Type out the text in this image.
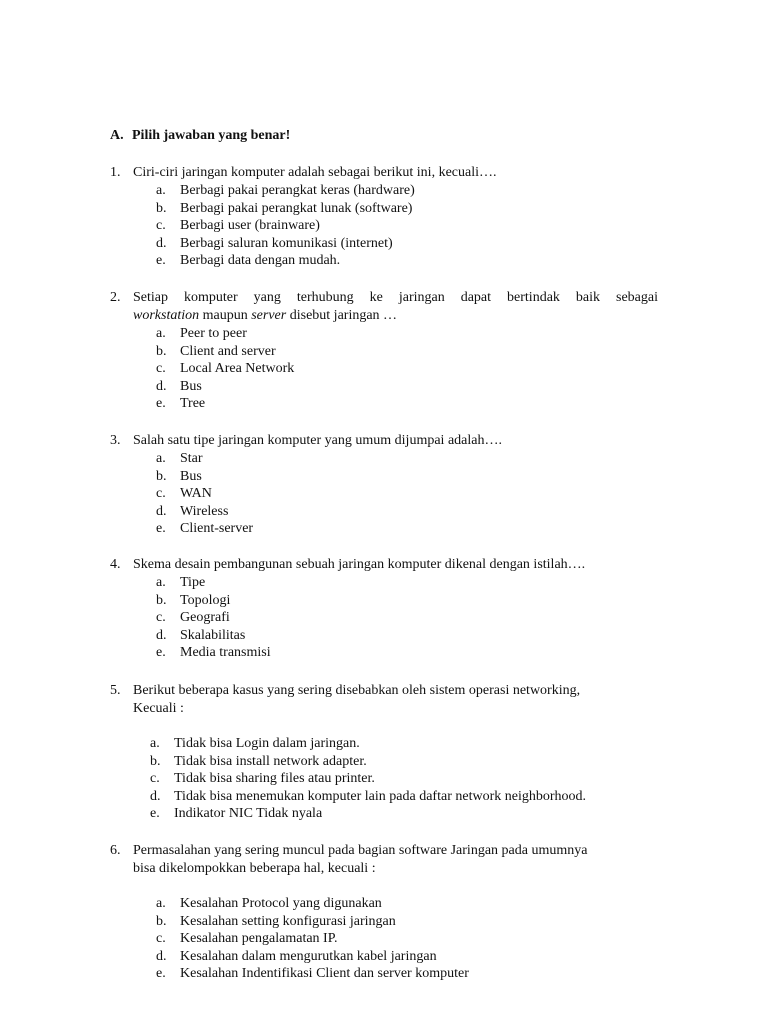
A. Pilih jawaban yang benar!
1. Ciri-ciri jaringan komputer adalah sebagai berikut ini, kecuali….
a.	Berbagi pakai perangkat keras (hardware)
b. Berbagi pakai perangkat lunak (software)
c.	Berbagi user (brainware)
d. Berbagi saluran komunikasi (internet)
e.	Berbagi data dengan mudah.
2. Setiap komputer yang terhubung ke jaringan dapat bertindak baik sebagai
workstation maupun server disebut jaringan …
a.	Peer to peer
b. Client and server
c.	Local Area Network
d. Bus
e.	Tree
3. Salah satu tipe jaringan komputer yang umum dijumpai adalah….
a.	Star
b. Bus
c.	WAN
d. Wireless
e.	Client-server
4. Skema desain pembangunan sebuah jaringan komputer dikenal dengan istilah….
a.	Tipe
b. Topologi
c.	Geografi
d. Skalabilitas
e.	Media transmisi
5. Berikut beberapa kasus yang sering disebabkan oleh sistem operasi networking,
Kecuali :
a.	Tidak bisa Login dalam jaringan.
b. Tidak bisa install network adapter.
c.	Tidak bisa sharing files atau printer.
d. Tidak bisa menemukan komputer lain pada daftar network neighborhood.
e.	Indikator NIC Tidak nyala
6. Permasalahan yang sering muncul pada bagian software Jaringan pada umumnya
bisa dikelompokkan beberapa hal, kecuali :
a.	Kesalahan Protocol yang digunakan
b. Kesalahan setting konfigurasi jaringan
c.	Kesalahan pengalamatan IP.
d. Kesalahan dalam mengurutkan kabel jaringan
e.	Kesalahan Indentifikasi Client dan server komputer
